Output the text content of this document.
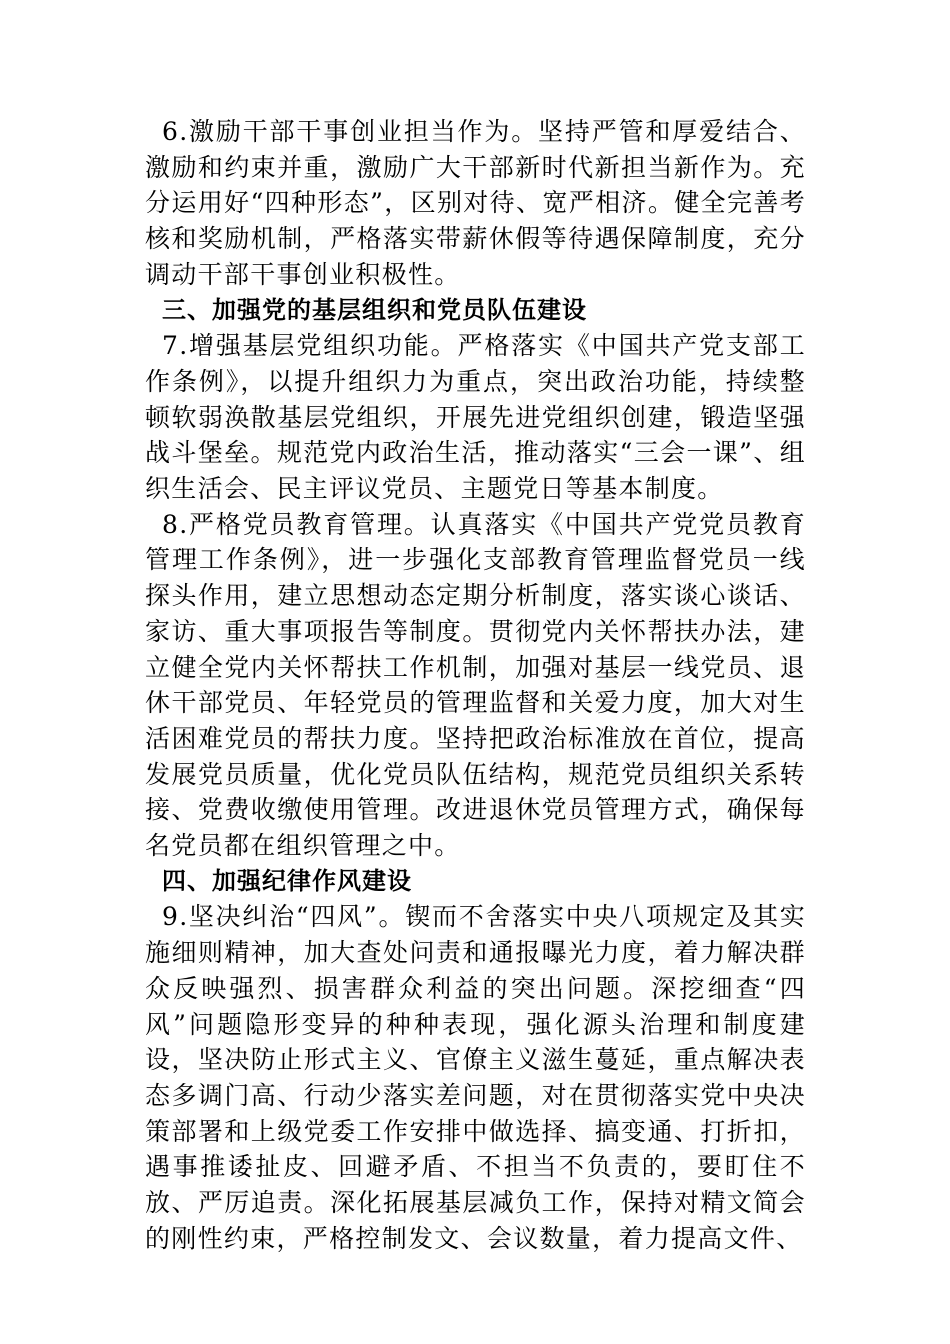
6.激励干部干事创业担当作为。坚持严管和厚爱结合、激励和约束并重，激励广大干部新时代新担当新作为。充分运用好“四种形态”，区别对待、宽严相济。健全完善考核和奖励机制，严格落实带薪休假等待遇保障制度，充分调动干部干事创业积极性。

三、加强党的基层组织和党员队伍建设

7.增强基层党组织功能。严格落实《中国共产党支部工作条例》，以提升组织力为重点，突出政治功能，持续整顿软弱涣散基层党组织，开展先进党组织创建，锻造坚强战斗堡垒。规范党内政治生活，推动落实“三会一课”、组织生活会、民主评议党员、主题党日等基本制度。

8.严格党员教育管理。认真落实《中国共产党党员教育管理工作条例》，进一步强化支部教育管理监督党员一线探头作用，建立思想动态定期分析制度，落实谈心谈话、家访、重大事项报告等制度。贯彻党内关怀帮扶办法，建立健全党内关怀帮扶工作机制，加强对基层一线党员、退休干部党员、年轻党员的管理监督和关爱力度，加大对生活困难党员的帮扶力度。坚持把政治标准放在首位，提高发展党员质量，优化党员队伍结构，规范党员组织关系转接、党费收缴使用管理。改进退休党员管理方式，确保每名党员都在组织管理之中。

四、加强纪律作风建设

9.坚决纠治“四风”。锲而不舍落实中央八项规定及其实施细则精神，加大查处问责和通报曝光力度，着力解决群众反映强烈、损害群众利益的突出问题。深挖细查“四风”问题隐形变异的种种表现，强化源头治理和制度建设，坚决防止形式主义、官僚主义滋生蔓延，重点解决表态多调门高、行动少落实差问题，对在贯彻落实党中央决策部署和上级党委工作安排中做选择、搞变通、打折扣，遇事推诿扯皮、回避矛盾、不担当不负责的，要盯住不放、严厉追责。深化拓展基层减负工作，保持对精文简会的刚性约束，严格控制发文、会议数量，着力提高文件、
